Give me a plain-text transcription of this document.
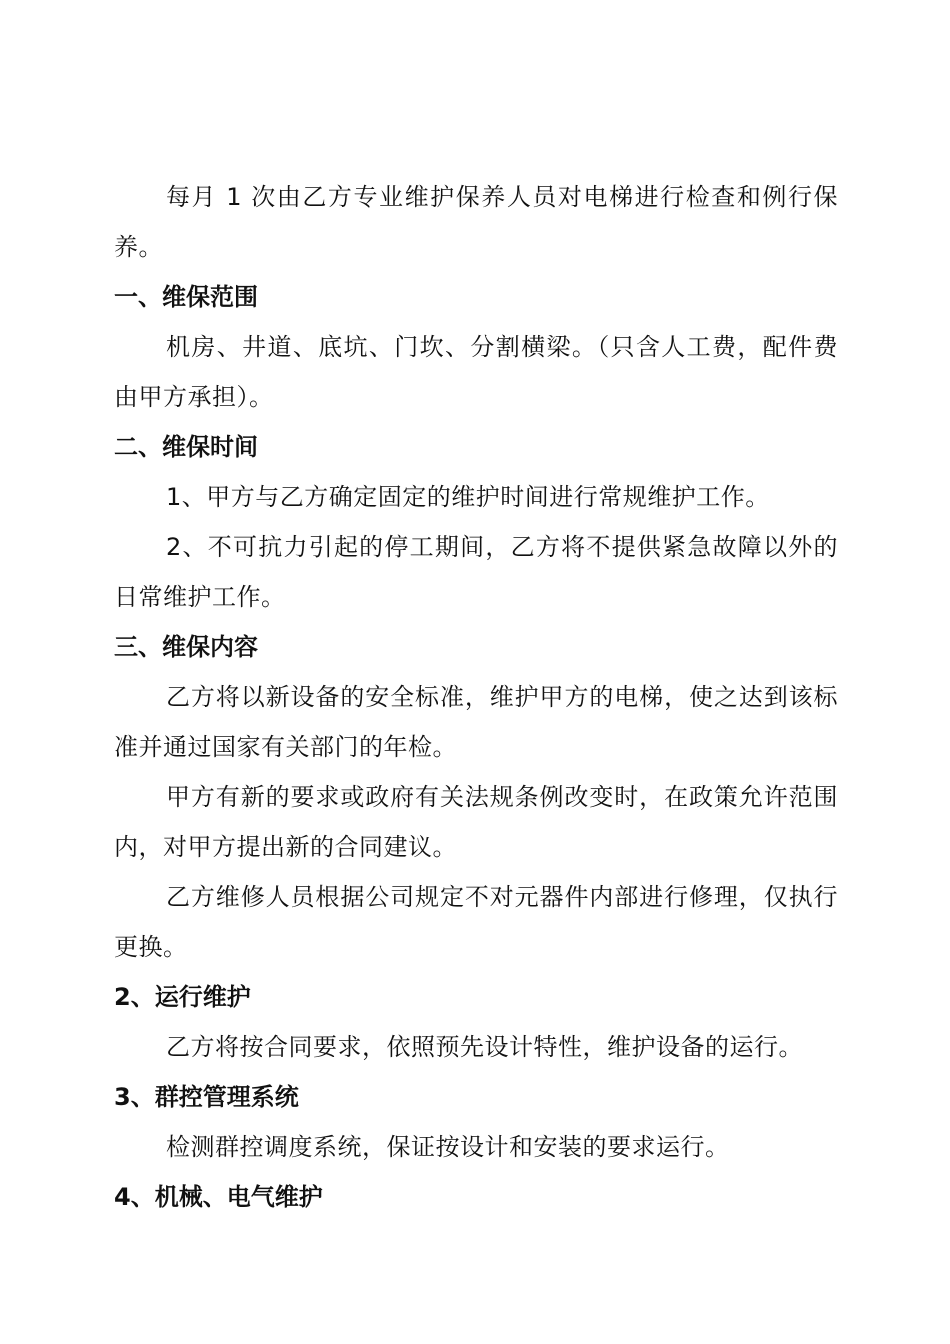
每月 1 次由乙方专业维护保养人员对电梯进行检查和例行保养。

一、维保范围

机房、井道、底坑、门坎、分割横梁。（只含人工费，配件费由甲方承担）。

二、维保时间

1、甲方与乙方确定固定的维护时间进行常规维护工作。

2、不可抗力引起的停工期间，乙方将不提供紧急故障以外的日常维护工作。

三、维保内容

乙方将以新设备的安全标准，维护甲方的电梯，使之达到该标准并通过国家有关部门的年检。

甲方有新的要求或政府有关法规条例改变时，在政策允许范围内，对甲方提出新的合同建议。

乙方维修人员根据公司规定不对元器件内部进行修理，仅执行更换。

2、运行维护

乙方将按合同要求，依照预先设计特性，维护设备的运行。

3、群控管理系统

检测群控调度系统，保证按设计和安装的要求运行。

4、机械、电气维护
